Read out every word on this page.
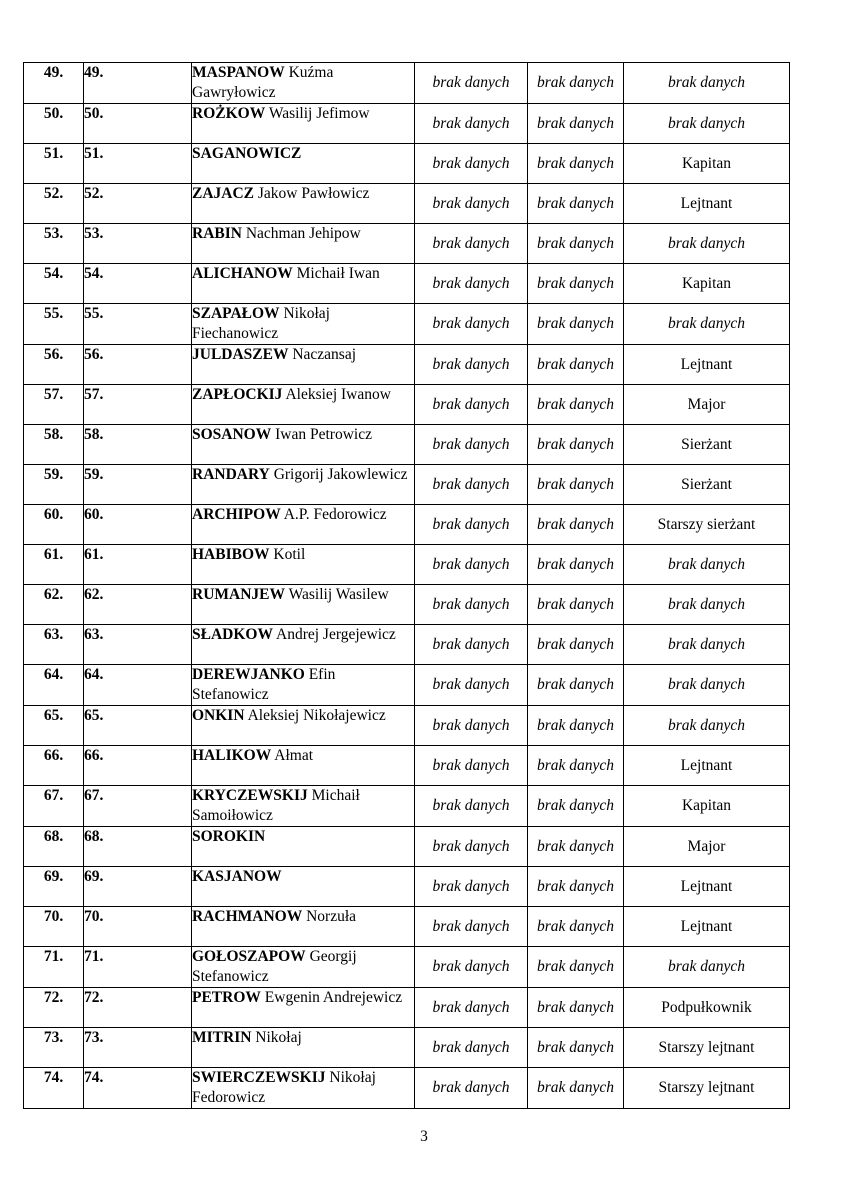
49.	49.	MASPANOW Kuźma Gawryłowicz	brak danych	brak danych	brak danych
50.	50.	ROŻKOW Wasilij Jefimow	brak danych	brak danych	brak danych
51.	51.	SAGANOWICZ	brak danych	brak danych	Kapitan
52.	52.	ZAJACZ Jakow Pawłowicz	brak danych	brak danych	Lejtnant
53.	53.	RABIN Nachman Jehipow	brak danych	brak danych	brak danych
54.	54.	ALICHANOW Michaił Iwan	brak danych	brak danych	Kapitan
55.	55.	SZAPAŁOW Nikołaj Fiechanowicz	brak danych	brak danych	brak danych
56.	56.	JULDASZEW Naczansaj	brak danych	brak danych	Lejtnant
57.	57.	ZAPŁOCKIJ Aleksiej Iwanow	brak danych	brak danych	Major
58.	58.	SOSANOW Iwan Petrowicz	brak danych	brak danych	Sierżant
59.	59.	RANDARY Grigorij Jakowlewicz	brak danych	brak danych	Sierżant
60.	60.	ARCHIPOW A.P. Fedorowicz	brak danych	brak danych	Starszy sierżant
61.	61.	HABIBOW Kotil	brak danych	brak danych	brak danych
62.	62.	RUMANJEW Wasilij Wasilew	brak danych	brak danych	brak danych
63.	63.	SŁADKOW Andrej Jergejewicz	brak danych	brak danych	brak danych
64.	64.	DEREWJANKO Efin Stefanowicz	brak danych	brak danych	brak danych
65.	65.	ONKIN Aleksiej Nikołajewicz	brak danych	brak danych	brak danych
66.	66.	HALIKOW Ałmat	brak danych	brak danych	Lejtnant
67.	67.	KRYCZEWSKIJ Michaił Samoiłowicz	brak danych	brak danych	Kapitan
68.	68.	SOROKIN	brak danych	brak danych	Major
69.	69.	KASJANOW	brak danych	brak danych	Lejtnant
70.	70.	RACHMANOW Norzuła	brak danych	brak danych	Lejtnant
71.	71.	GOŁOSZAPOW Georgij Stefanowicz	brak danych	brak danych	brak danych
72.	72.	PETROW Ewgenin Andrejewicz	brak danych	brak danych	Podpułkownik
73.	73.	MITRIN Nikołaj	brak danych	brak danych	Starszy lejtnant
74.	74.	SWIERCZEWSKIJ Nikołaj Fedorowicz	brak danych	brak danych	Starszy lejtnant
3
